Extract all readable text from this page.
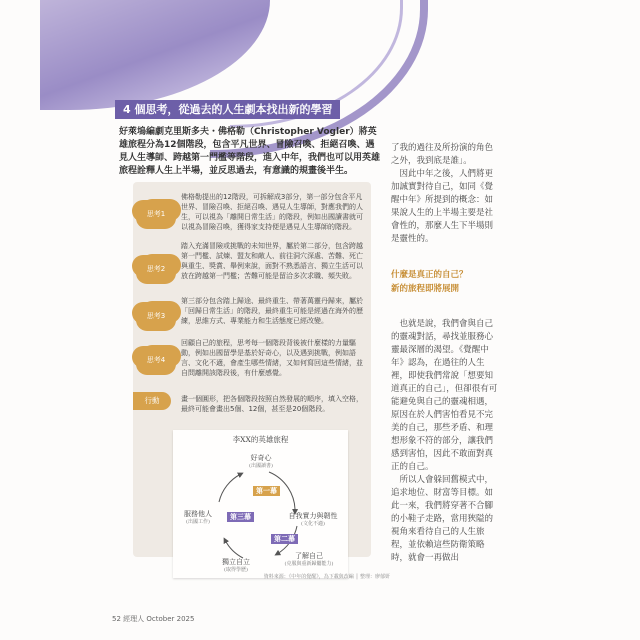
4 個思考，從過去的人生劇本找出新的學習
好萊塢編劇克里斯多夫・佛格勒（Christopher Vogler）將英雄旅程分為12個階段，包含平凡世界、冒險召喚、拒絕召喚、遇見人生導師、跨越第一門檻等階段，進入中年，我們也可以用英雄旅程詮釋人生上半場，並反思過去，有意識的規畫後半生。
思考1
佛格勒提出的12階段，可拆解成3部分，第一部分包含平凡世界、冒險召喚、拒絕召喚、遇見人生導師，對應我們的人生，可以視為「離開日常生活」的階段，例如出國讀書就可以視為冒險召喚，獲得家支持便是遇見人生導師的階段。
思考2
踏入充滿冒險或挑戰的未知世界，屬於第二部分，包含跨越第一門檻、試煉、盟友和敵人、前往洞穴深處、苦難、死亡與重生、獎賞、舉例來說，面對不熟悉語言、獨立生活可以放在跨越第一門檻；苦難可能是留洽多次求職、頻失敗。
思考3
第三部分包含踏上歸途、最終重生、帶著萬靈丹歸來，屬於「回歸日常生活」的階段，最終重生可能是經過在海外的歷練，思維方式、專業能力和生活態度已經改變。
思考4
回顧自己的旅程，思考每一個階段背後被什麼樣的力量驅動，例如出國留學是基於好奇心，以及遇到挑戰，例如語言、文化不適，會產生哪些情緒，又如何寫回這些情緒，並自問離開該階段後，有什麼感覺。
行動	畫一個圓形，把各個階段按照自然發展的順序，填入空格，最終可能會畫出5個、12個，甚至是20個階段。
李XX的英雄旅程
好奇心
(出國讀書)
自我實力與韌性
(文化不適)
了解自己
(克服與重新歸屬能力)
獨立自立
(取得學歷)
服務他人
(出國工作)
第一幕
第二幕
第三幕
資料來源：《中年的覺醒》，為下載與改編 │ 整理：廖郁妍
52 經理人 October 2025

了我的過往及所扮演的角色之外，我到底是誰」。

因此中年之後，人們將更加誠實對待自己，如同《覺醒中年》所提到的概念：如果說人生的上半場主要是社會性的，那麼人生下半場則是靈性的。

什麼是真正的自己？
新的旅程即將展開

也就是說，我們會與自己的靈魂對話，尋找並服務心靈最深層的渴望。《覺醒中年》認為，在過往的人生裡，即使我們常說「想要知道真正的自己」，但卻很有可能避免與自己的靈魂相遇，原因在於人們害怕看見不完美的自己，那些矛盾、和理想形象不符的部分，讓我們感到害怕，因此不敢面對真正的自己。

所以人會躲回舊模式中，追求地位、財富等目標。如此一來，我們將穿著不合腳的小鞋子走路，當用狹隘的視角來看待自己的人生旅程，並依賴這些防衛策略時，就會一再做出
